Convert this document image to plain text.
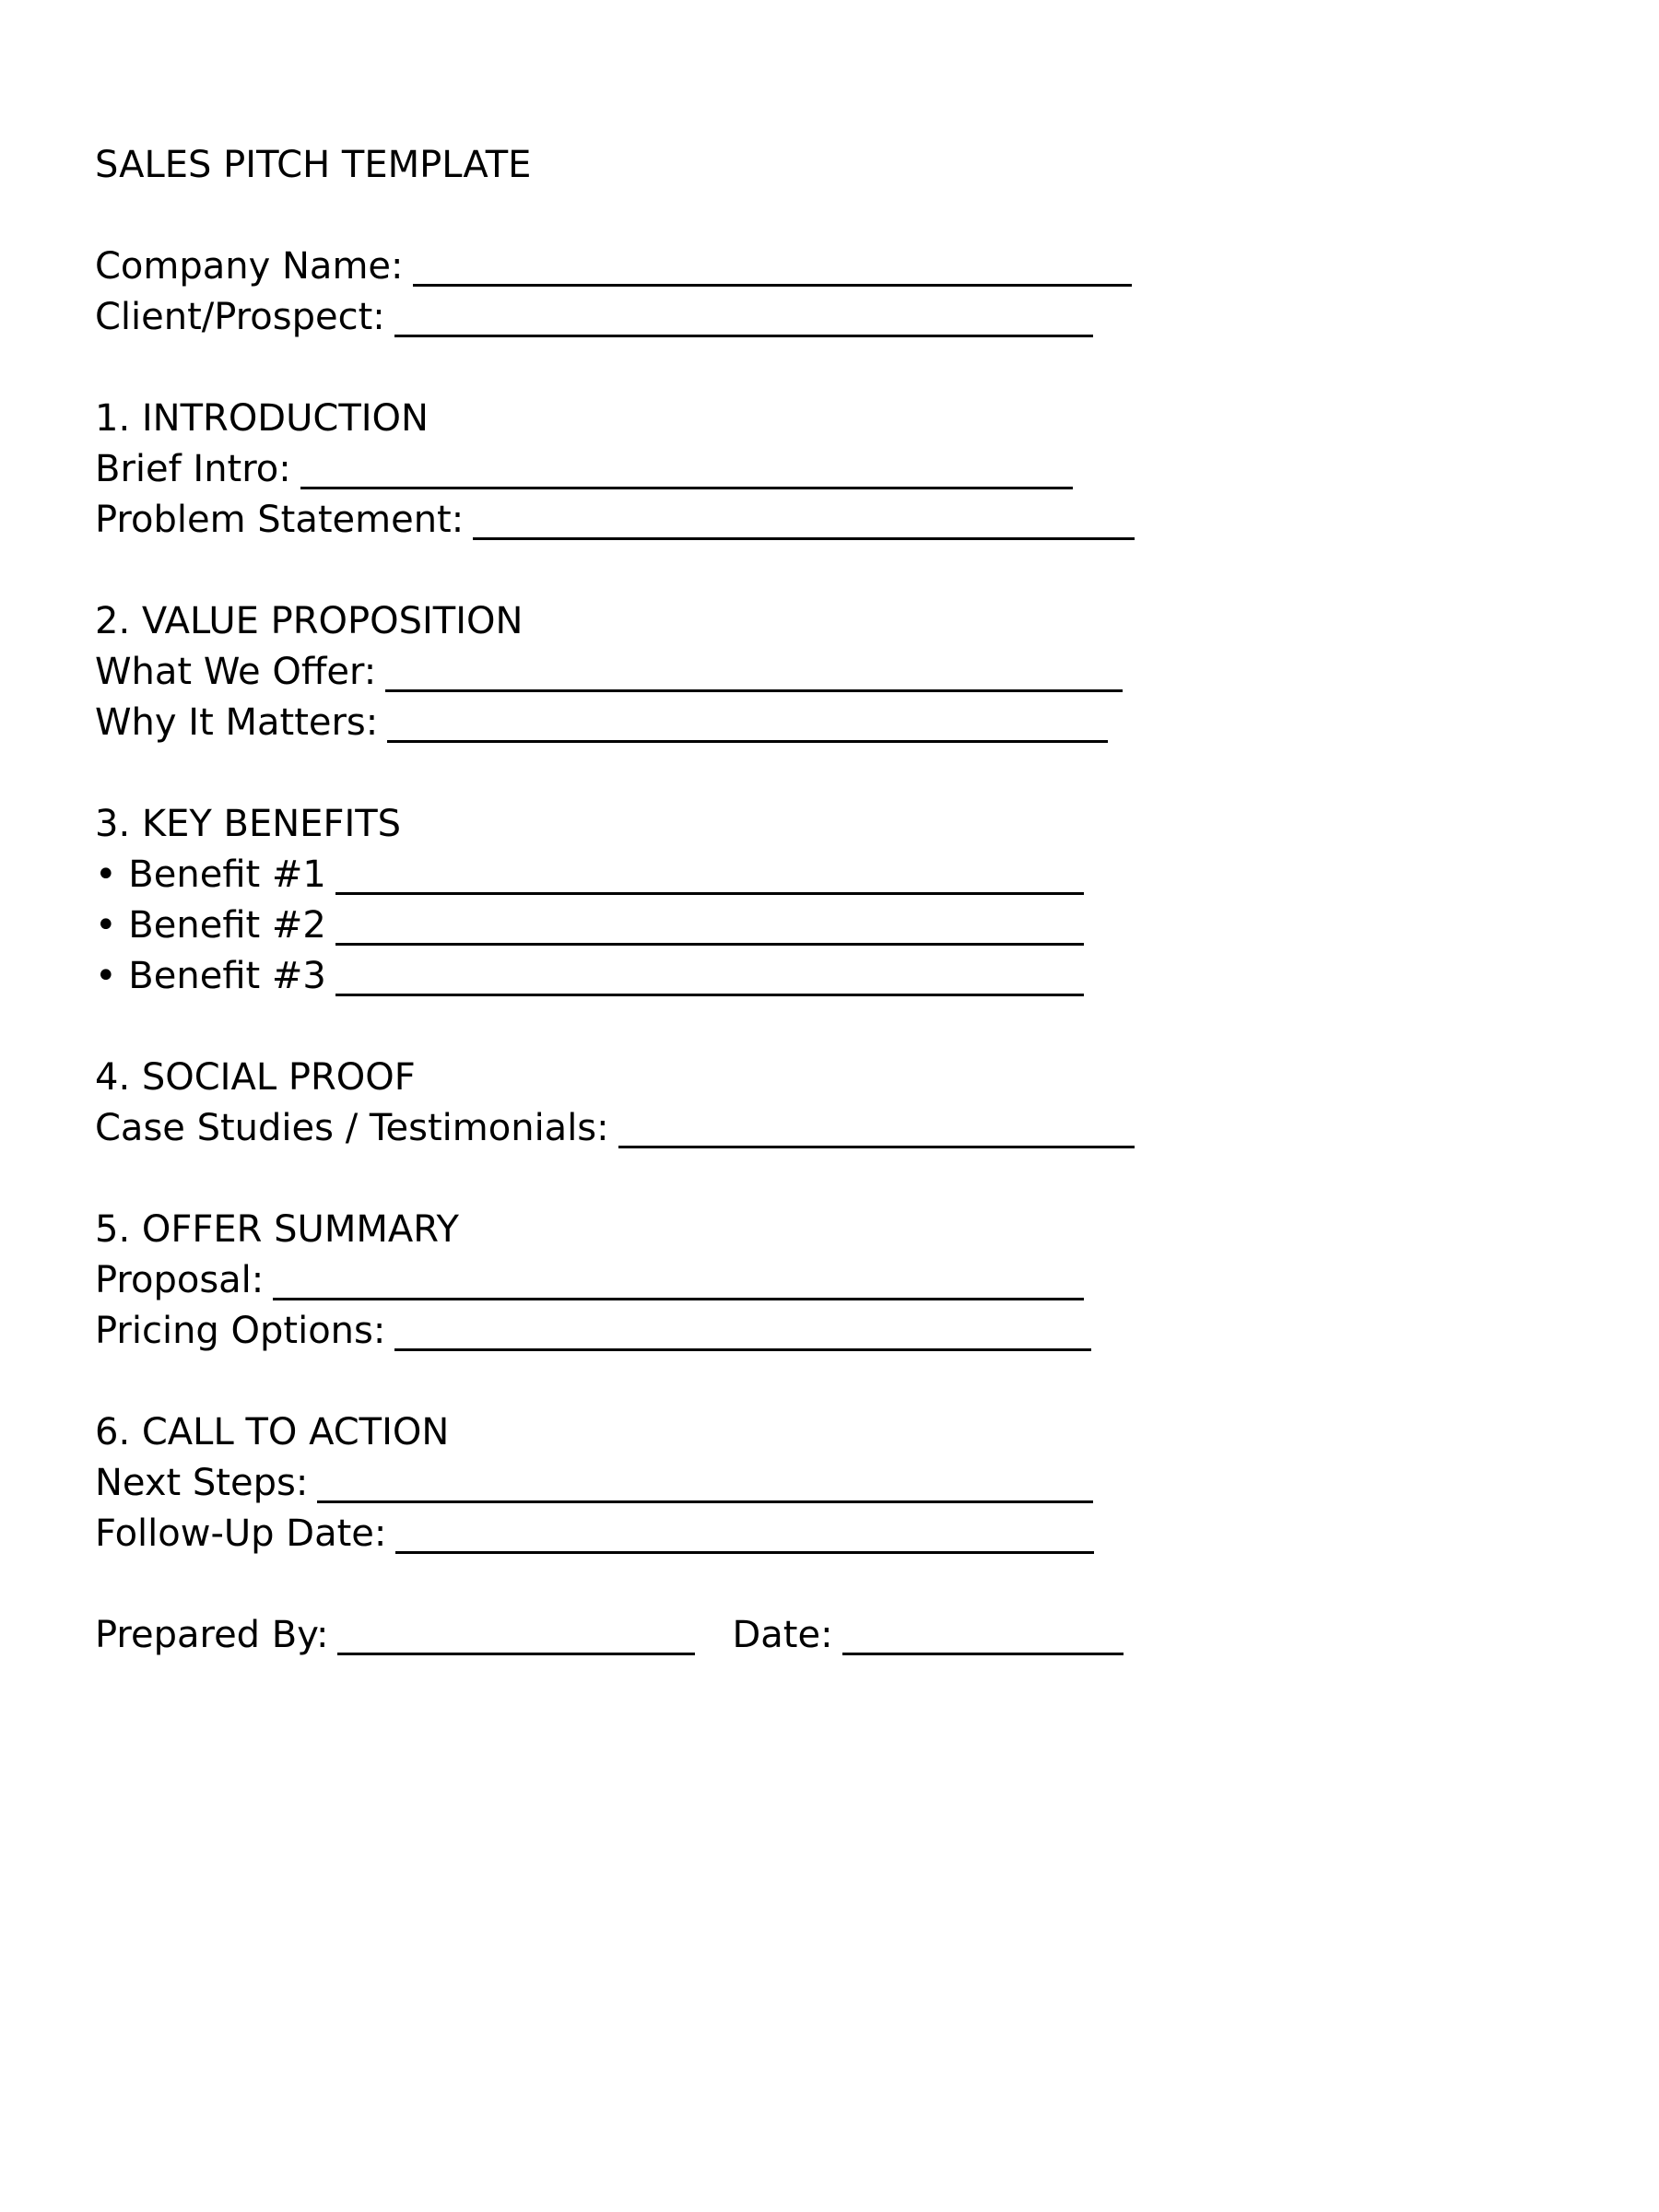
SALES PITCH TEMPLATE
Company Name:
Client/Prospect:
1. INTRODUCTION
Brief Intro:
Problem Statement:
2. VALUE PROPOSITION
What We Offer:
Why It Matters:
3. KEY BENEFITS
• Benefit #1
• Benefit #2
• Benefit #3
4. SOCIAL PROOF
Case Studies / Testimonials:
5. OFFER SUMMARY
Proposal:
Pricing Options:
6. CALL TO ACTION
Next Steps:
Follow-Up Date:
Prepared By:	Date:
